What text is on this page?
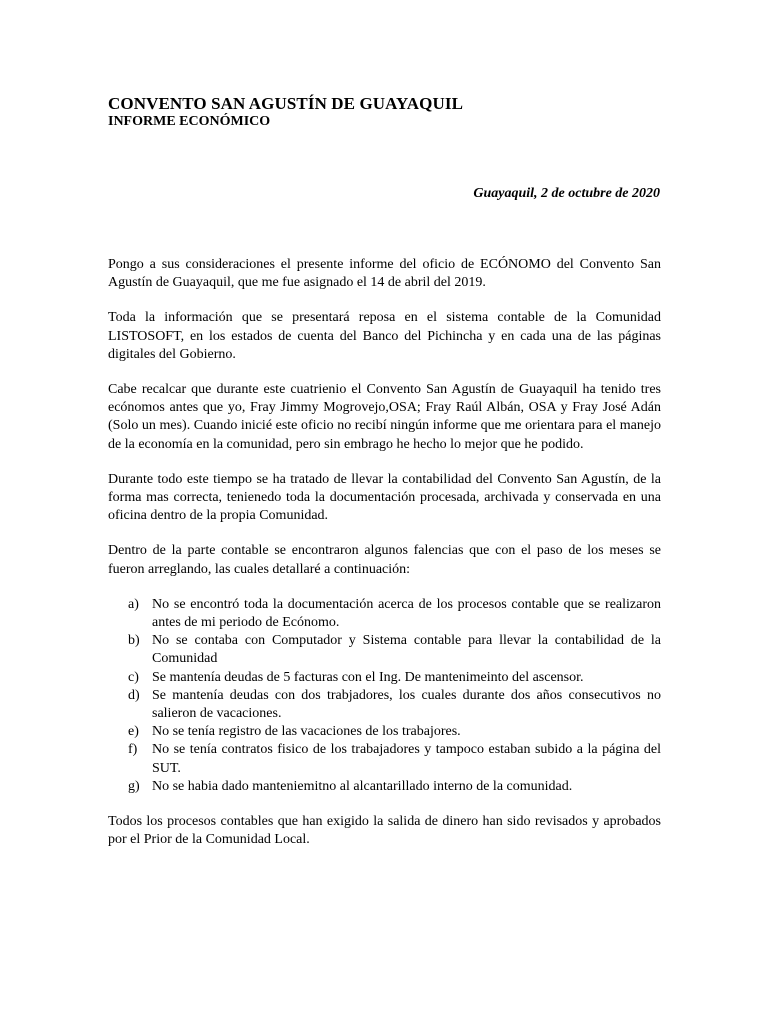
CONVENTO SAN AGUSTÍN DE GUAYAQUIL
INFORME ECONÓMICO

Guayaquil, 2 de octubre de 2020

Pongo a sus consideraciones el presente informe del oficio de ECÓNOMO del Convento San Agustín de Guayaquil, que me fue asignado el 14 de abril del 2019.

Toda la información que se presentará reposa en el sistema contable de la Comunidad LISTOSOFT, en los estados de cuenta del Banco del Pichincha y en cada una de las páginas digitales del Gobierno.

Cabe recalcar que durante este cuatrienio el Convento San Agustín de Guayaquil ha tenido tres ecónomos antes que yo, Fray Jimmy Mogrovejo,OSA; Fray Raúl Albán, OSA y Fray José Adán (Solo un mes). Cuando inicié este oficio no recibí ningún informe que me orientara para el manejo de la economía en la comunidad, pero sin embrago he hecho lo mejor que he podido.

Durante todo este tiempo se ha tratado de llevar la contabilidad del Convento San Agustín, de la forma mas correcta, tenienedo toda la documentación procesada, archivada y conservada en una oficina dentro de la propia Comunidad.

Dentro de la parte contable se encontraron algunos falencias que con el paso de los meses se fueron arreglando, las cuales detallaré a continuación:

a) No se encontró toda la documentación acerca de los procesos contable que se realizaron antes de mi periodo de Ecónomo.
b) No se contaba con Computador y Sistema contable para llevar la contabilidad de la Comunidad
c) Se mantenía deudas de 5 facturas con el Ing. De mantenimeinto del ascensor.
d) Se mantenía deudas con dos trabjadores, los cuales durante dos años consecutivos no salieron de vacaciones.
e) No se tenía registro de las vacaciones de los trabajores.
f)	No se tenía contratos fisico de los trabajadores y tampoco estaban subido a la página del SUT.
g) No se habia dado manteniemitno al alcantarillado interno de la comunidad.

Todos los procesos contables que han exigido la salida de dinero han sido revisados y aprobados por el Prior de la Comunidad Local.
